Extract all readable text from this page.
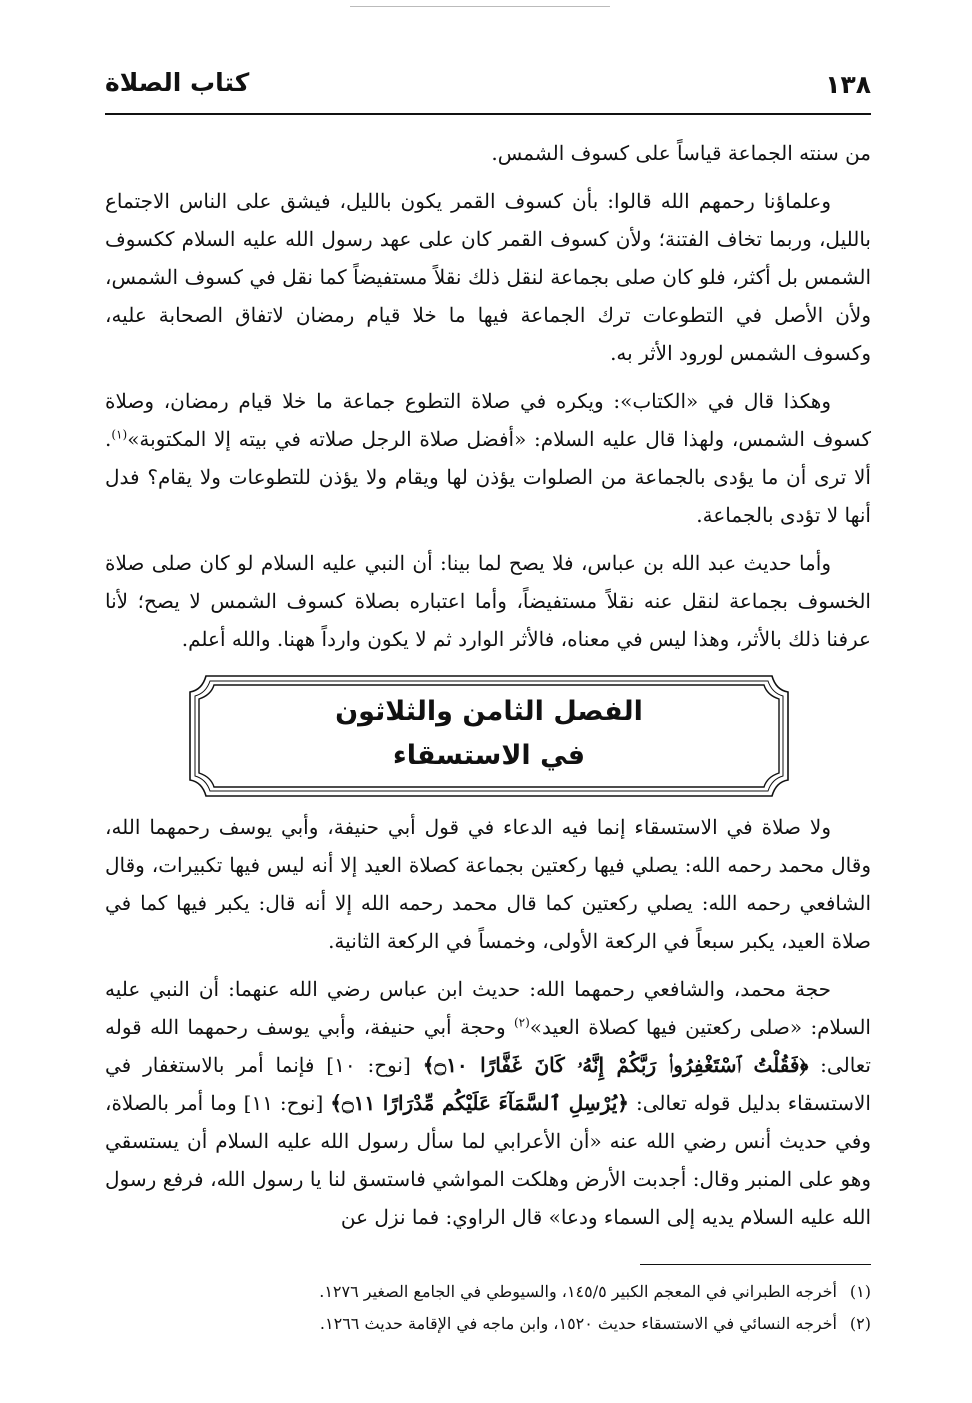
١٣٨
كتاب الصلاة

من سنته الجماعة قياساً على كسوف الشمس.

وعلماؤنا رحمهم الله قالوا: بأن كسوف القمر يكون بالليل، فيشق على الناس الاجتماع بالليل، وربما تخاف الفتنة؛ ولأن كسوف القمر كان على عهد رسول الله عليه السلام ككسوف الشمس بل أكثر، فلو كان صلى بجماعة لنقل ذلك نقلاً مستفيضاً كما نقل في كسوف الشمس، ولأن الأصل في التطوعات ترك الجماعة فيها ما خلا قيام رمضان لاتفاق الصحابة عليه، وكسوف الشمس لورود الأثر به.

وهكذا قال في «الكتاب»: ويكره في صلاة التطوع جماعة ما خلا قيام رمضان، وصلاة كسوف الشمس، ولهذا قال عليه السلام: «أفضل صلاة الرجل صلاته في بيته إلا المكتوبة»$^{(١)}$. ألا ترى أن ما يؤدى بالجماعة من الصلوات يؤذن لها ويقام ولا يؤذن للتطوعات ولا يقام؟ فدل أنها لا تؤدى بالجماعة.

وأما حديث عبد الله بن عباس، فلا يصح لما بينا: أن النبي عليه السلام لو كان صلى صلاة الخسوف بجماعة لنقل عنه نقلاً مستفيضاً، وأما اعتباره بصلاة كسوف الشمس لا يصح؛ لأنا عرفنا ذلك بالأثر، وهذا ليس في معناه، فالأثر الوارد ثم لا يكون وارداً ههنا. والله أعلم.

الفصل الثامن والثلاثون
في الاستسقاء

ولا صلاة في الاستسقاء إنما فيه الدعاء في قول أبي حنيفة، وأبي يوسف رحمهما الله، وقال محمد رحمه الله: يصلي فيها ركعتين بجماعة كصلاة العيد إلا أنه ليس فيها تكبيرات، وقال الشافعي رحمه الله: يصلي ركعتين كما قال محمد رحمه الله إلا أنه قال: يكبر فيها كما في صلاة العيد، يكبر سبعاً في الركعة الأولى، وخمساً في الركعة الثانية.

حجة محمد، والشافعي رحمهما الله: حديث ابن عباس رضي الله عنهما: أن النبي عليه السلام: «صلى ركعتين فيها كصلاة العيد»$^{(٢)}$ وحجة أبي حنيفة، وأبي يوسف رحمهما الله قوله تعالى: ﴿فَقُلْتُ ٱسْتَغْفِرُوا۟ رَبَّكُمْ إِنَّهُۥ كَانَ غَفَّارًا ۝١٠﴾ [نوح: ١٠] فإنما أمر بالاستغفار في الاستسقاء بدليل قوله تعالى: ﴿يُرْسِلِ ٱلسَّمَآءَ عَلَيْكُم مِّدْرَارًا ۝١١﴾ [نوح: ١١] وما أمر بالصلاة، وفي حديث أنس رضي الله عنه «أن الأعرابي لما سأل رسول الله عليه السلام أن يستسقي وهو على المنبر وقال: أجدبت الأرض وهلكت المواشي فاستسق لنا يا رسول الله، فرفع رسول الله عليه السلام يديه إلى السماء ودعا» قال الراوي: فما نزل عن

(١)أخرجه الطبراني في المعجم الكبير ١٤٥/٥، والسيوطي في الجامع الصغير ١٢٧٦.

(٢)أخرجه النسائي في الاستسقاء حديث ١٥٢٠، وابن ماجه في الإقامة حديث ١٢٦٦.
